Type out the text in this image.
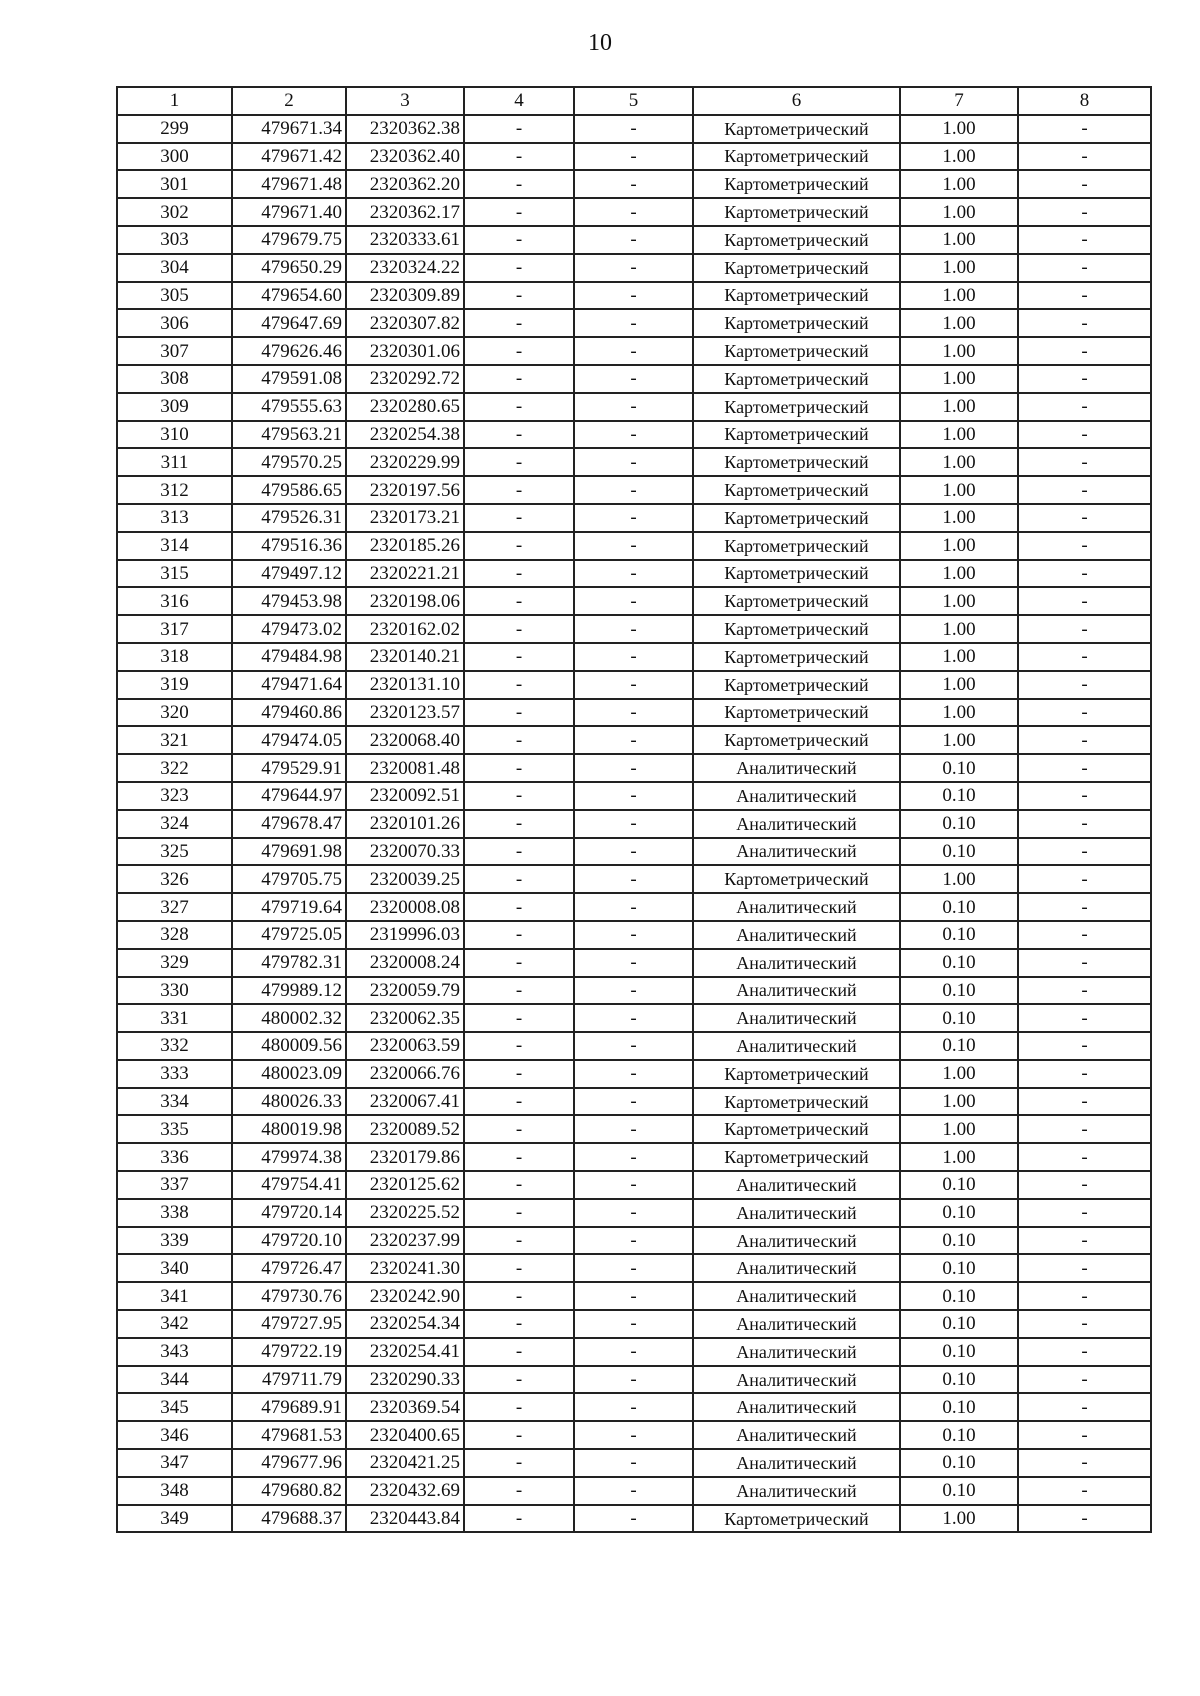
10
1	2	3	4	5	6	7	8
299	479671.34	2320362.38	-	-	Картометрический	1.00	-
300	479671.42	2320362.40	-	-	Картометрический	1.00	-
301	479671.48	2320362.20	-	-	Картометрический	1.00	-
302	479671.40	2320362.17	-	-	Картометрический	1.00	-
303	479679.75	2320333.61	-	-	Картометрический	1.00	-
304	479650.29	2320324.22	-	-	Картометрический	1.00	-
305	479654.60	2320309.89	-	-	Картометрический	1.00	-
306	479647.69	2320307.82	-	-	Картометрический	1.00	-
307	479626.46	2320301.06	-	-	Картометрический	1.00	-
308	479591.08	2320292.72	-	-	Картометрический	1.00	-
309	479555.63	2320280.65	-	-	Картометрический	1.00	-
310	479563.21	2320254.38	-	-	Картометрический	1.00	-
311	479570.25	2320229.99	-	-	Картометрический	1.00	-
312	479586.65	2320197.56	-	-	Картометрический	1.00	-
313	479526.31	2320173.21	-	-	Картометрический	1.00	-
314	479516.36	2320185.26	-	-	Картометрический	1.00	-
315	479497.12	2320221.21	-	-	Картометрический	1.00	-
316	479453.98	2320198.06	-	-	Картометрический	1.00	-
317	479473.02	2320162.02	-	-	Картометрический	1.00	-
318	479484.98	2320140.21	-	-	Картометрический	1.00	-
319	479471.64	2320131.10	-	-	Картометрический	1.00	-
320	479460.86	2320123.57	-	-	Картометрический	1.00	-
321	479474.05	2320068.40	-	-	Картометрический	1.00	-
322	479529.91	2320081.48	-	-	Аналитический	0.10	-
323	479644.97	2320092.51	-	-	Аналитический	0.10	-
324	479678.47	2320101.26	-	-	Аналитический	0.10	-
325	479691.98	2320070.33	-	-	Аналитический	0.10	-
326	479705.75	2320039.25	-	-	Картометрический	1.00	-
327	479719.64	2320008.08	-	-	Аналитический	0.10	-
328	479725.05	2319996.03	-	-	Аналитический	0.10	-
329	479782.31	2320008.24	-	-	Аналитический	0.10	-
330	479989.12	2320059.79	-	-	Аналитический	0.10	-
331	480002.32	2320062.35	-	-	Аналитический	0.10	-
332	480009.56	2320063.59	-	-	Аналитический	0.10	-
333	480023.09	2320066.76	-	-	Картометрический	1.00	-
334	480026.33	2320067.41	-	-	Картометрический	1.00	-
335	480019.98	2320089.52	-	-	Картометрический	1.00	-
336	479974.38	2320179.86	-	-	Картометрический	1.00	-
337	479754.41	2320125.62	-	-	Аналитический	0.10	-
338	479720.14	2320225.52	-	-	Аналитический	0.10	-
339	479720.10	2320237.99	-	-	Аналитический	0.10	-
340	479726.47	2320241.30	-	-	Аналитический	0.10	-
341	479730.76	2320242.90	-	-	Аналитический	0.10	-
342	479727.95	2320254.34	-	-	Аналитический	0.10	-
343	479722.19	2320254.41	-	-	Аналитический	0.10	-
344	479711.79	2320290.33	-	-	Аналитический	0.10	-
345	479689.91	2320369.54	-	-	Аналитический	0.10	-
346	479681.53	2320400.65	-	-	Аналитический	0.10	-
347	479677.96	2320421.25	-	-	Аналитический	0.10	-
348	479680.82	2320432.69	-	-	Аналитический	0.10	-
349	479688.37	2320443.84	-	-	Картометрический	1.00	-
